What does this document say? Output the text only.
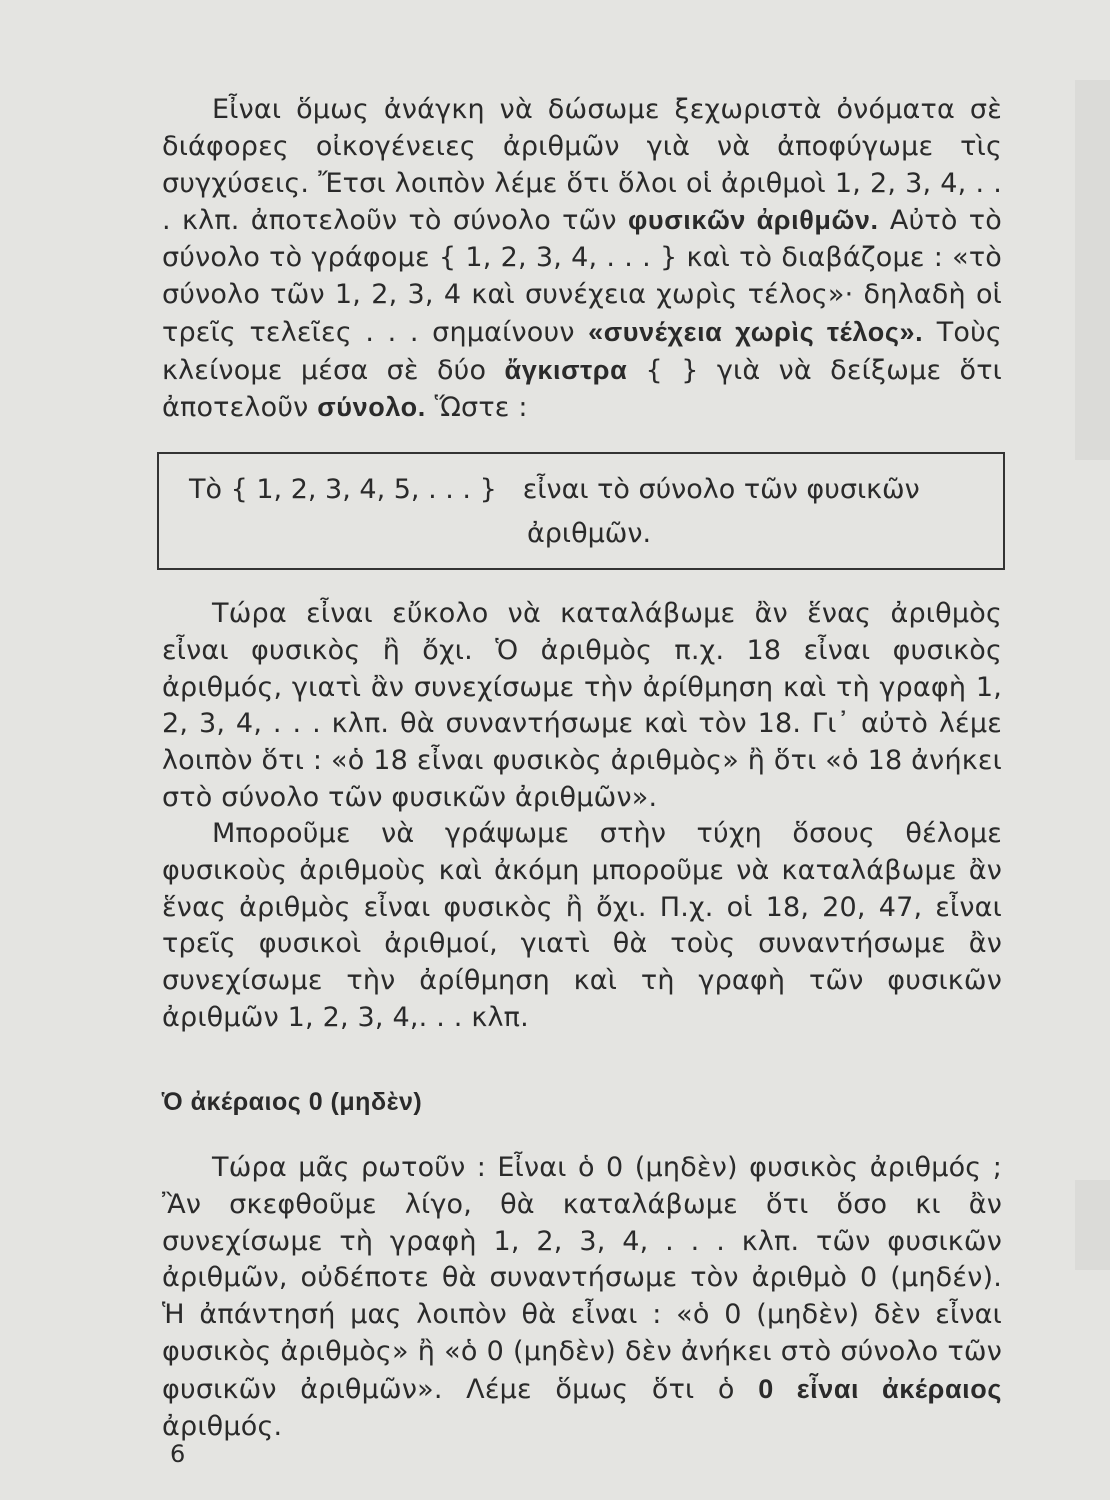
Εἶναι ὅμως ἀνάγκη νὰ δώσωμε ξεχωριστὰ ὀνόματα σὲ διάφορες οἰκογένειες ἀριθμῶν γιὰ νὰ ἀποφύγωμε τὶς συγχύσεις. Ἔτσι λοιπὸν λέμε ὅτι ὅλοι οἱ ἀριθμοὶ 1, 2, 3, 4, . . . κλπ. ἀποτελοῦν τὸ σύνολο τῶν φυσικῶν ἀριθμῶν. Αὐτὸ τὸ σύνολο τὸ γράφομε { 1, 2, 3, 4, . . . } καὶ τὸ διαβάζομε : «τὸ σύνολο τῶν 1, 2, 3, 4 καὶ συνέχεια χωρὶς τέλος»· δηλαδὴ οἱ τρεῖς τελεῖες . . . σημαίνουν «συνέχεια χωρὶς τέλος». Τοὺς κλείνομε μέσα σὲ δύο ἄγκιστρα { } γιὰ νὰ δείξωμε ὅτι ἀποτελοῦν σύνολο. Ὥστε :

Τὸ { 1, 2, 3, 4, 5, . . . } εἶναι τὸ σύνολο τῶν φυσικῶν
ἀριθμῶν.

Τώρα εἶναι εὔκολο νὰ καταλάβωμε ἂν ἕνας ἀριθμὸς εἶναι φυσικὸς ἢ ὄχι. Ὁ ἀριθμὸς π.χ. 18 εἶναι φυσικὸς ἀριθμός, γιατὶ ἂν συνεχίσωμε τὴν ἀρίθμηση καὶ τὴ γραφὴ 1, 2, 3, 4, . . . κλπ. θὰ συναντήσωμε καὶ τὸν 18. Γι᾽ αὐτὸ λέμε λοιπὸν ὅτι : «ὁ 18 εἶναι φυσικὸς ἀριθμὸς» ἢ ὅτι «ὁ 18 ἀνήκει στὸ σύνολο τῶν φυσικῶν ἀριθμῶν».

Μποροῦμε νὰ γράψωμε στὴν τύχη ὅσους θέλομε φυσικοὺς ἀριθμοὺς καὶ ἀκόμη μποροῦμε νὰ καταλάβωμε ἂν ἕνας ἀριθμὸς εἶναι φυσικὸς ἢ ὄχι. Π.χ. οἱ 18, 20, 47, εἶναι τρεῖς φυσικοὶ ἀριθμοί, γιατὶ θὰ τοὺς συναντήσωμε ἂν συνεχίσωμε τὴν ἀρίθμηση καὶ τὴ γραφὴ τῶν φυσικῶν ἀριθμῶν 1, 2, 3, 4,. . . κλπ.

Ὁ ἀκέραιος 0 (μηδὲν)

Τώρα μᾶς ρωτοῦν : Εἶναι ὁ 0 (μηδὲν) φυσικὸς ἀριθμός ; Ἂν σκεφθοῦμε λίγο, θὰ καταλάβωμε ὅτι ὅσο κι ἂν συνεχίσωμε τὴ γραφὴ 1, 2, 3, 4, . . . κλπ. τῶν φυσικῶν ἀριθμῶν, οὐδέποτε θὰ συναντήσωμε τὸν ἀριθμὸ 0 (μηδέν). Ἡ ἀπάντησή μας λοιπὸν θὰ εἶναι : «ὁ 0 (μηδὲν) δὲν εἶναι φυσικὸς ἀριθμὸς» ἢ «ὁ 0 (μηδὲν) δὲν ἀνήκει στὸ σύνολο τῶν φυσικῶν ἀριθμῶν». Λέμε ὅμως ὅτι ὁ 0 εἶναι ἀκέραιος ἀριθμός.

6
